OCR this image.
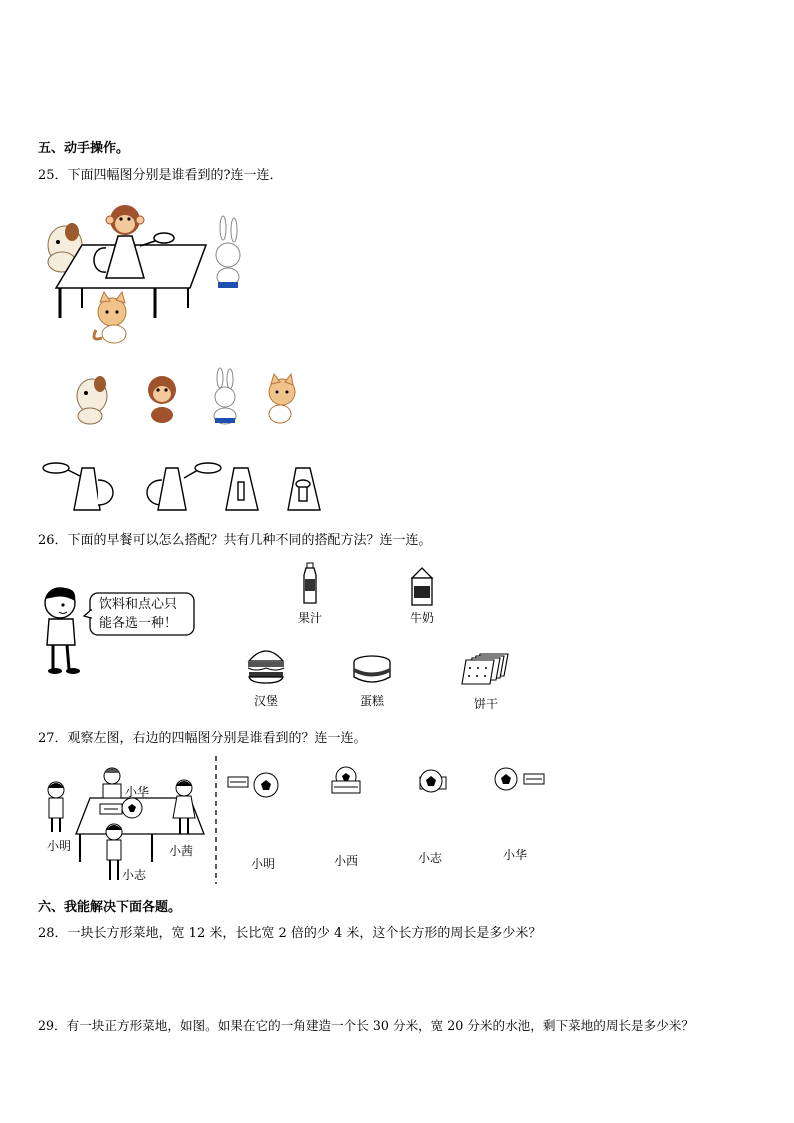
五、动手操作。
25．下面四幅图分别是谁看到的?连一连．
26．下面的早餐可以怎么搭配？共有几种不同的搭配方法？连一连。
饮料和点心只
能各选一种！	果汁	牛奶
汉堡	蛋糕	饼干
27．观察左图，右边的四幅图分别是谁看到的？连一连。
小华
小明	小茜
小志
小明	小西	小志	小华
六、我能解决下面各题。
28．一块长方形菜地，宽 12 米，长比宽 2 倍的少 4 米，这个长方形的周长是多少米？
29．有一块正方形菜地，如图。如果在它的一角建造一个长 30 分米，宽 20 分米的水池，剩下菜地的周长是多少米？
